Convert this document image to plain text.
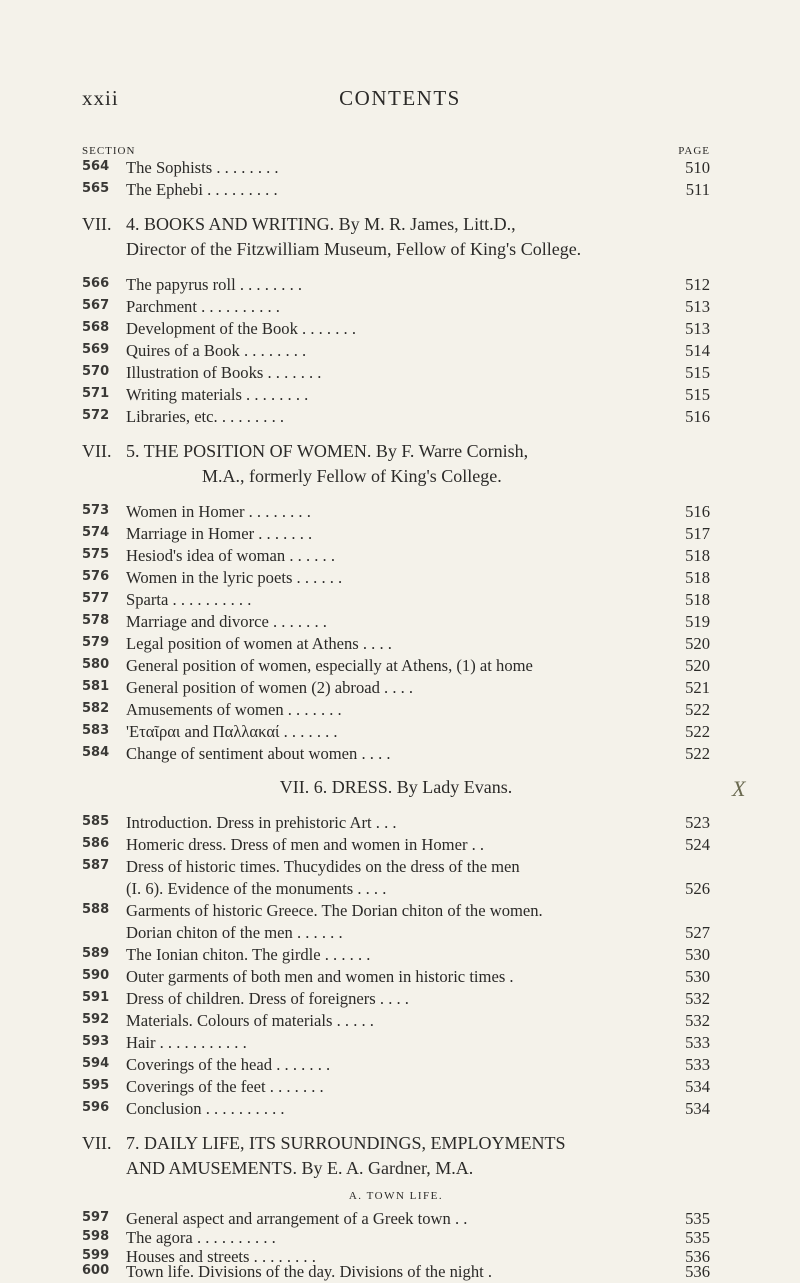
xxii	CONTENTS
SECTION	PAGE
564 The Sophists . . . . . . . .	510
565 The Ephebi . . . . . . . . .	511
VII. 4. BOOKS AND WRITING. By M. R. James, Litt.D.,
Director of the Fitzwilliam Museum, Fellow of King's College.
566 The papyrus roll . . . . . . . .	512
567 Parchment . . . . . . . . . .	513
568 Development of the Book . . . . . . .	513
569 Quires of a Book . . . . . . . .	514
570 Illustration of Books . . . . . . .	515
571 Writing materials . . . . . . . .	515
572 Libraries, etc. . . . . . . . .	516
VII. 5. THE POSITION OF WOMEN. By F. Warre Cornish,
M.A., formerly Fellow of King's College.
573 Women in Homer . . . . . . . .	516
574 Marriage in Homer . . . . . . .	517
575 Hesiod's idea of woman . . . . . .	518
576 Women in the lyric poets . . . . . .	518
577 Sparta . . . . . . . . . .	518
578 Marriage and divorce . . . . . . .	519
579 Legal position of women at Athens . . . .	520
580 General position of women, especially at Athens, (1) at home	520
581 General position of women (2) abroad . . . .	521
582 Amusements of women . . . . . . .	522
583 'Εταῖραι and Παλλακαί . . . . . . .	522
584 Change of sentiment about women . . . .	522
VII. 6. DRESS. By Lady Evans.	X
585 Introduction. Dress in prehistoric Art . . .	523
586 Homeric dress. Dress of men and women in Homer . .	524
587 Dress of historic times. Thucydides on the dress of the men
(I. 6). Evidence of the monuments . . . .	526
588 Garments of historic Greece. The Dorian chiton of the women.
Dorian chiton of the men . . . . . .	527
589 The Ionian chiton. The girdle . . . . . .	530
590 Outer garments of both men and women in historic times .	530
591 Dress of children. Dress of foreigners . . . .	532
592 Materials. Colours of materials . . . . .	532
593 Hair . . . . . . . . . . .	533
594 Coverings of the head . . . . . . .	533
595 Coverings of the feet . . . . . . .	534
596 Conclusion . . . . . . . . . .	534
VII. 7. DAILY LIFE, ITS SURROUNDINGS, EMPLOYMENTS
AND AMUSEMENTS. By E. A. Gardner, M.A.
A. TOWN LIFE.
597 General aspect and arrangement of a Greek town . .	535
598 The agora . . . . . . . . . .	535
599 Houses and streets . . . . . . . .	536
600 Town life. Divisions of the day. Divisions of the night .	536
